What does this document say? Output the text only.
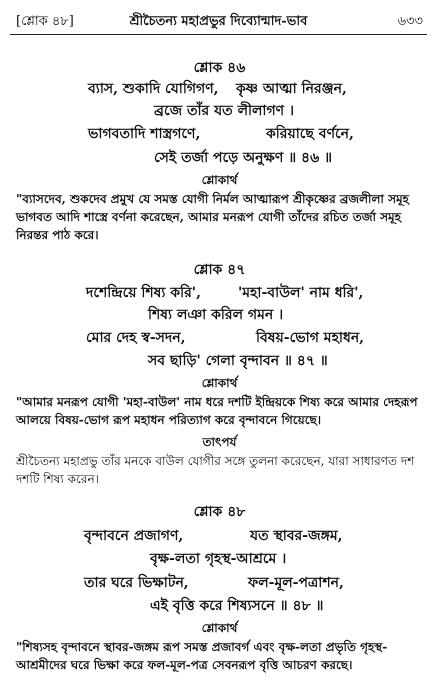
[শ্লোক ৪৮]	শ্রীচৈতন্য মহাপ্রভুর দিব্যোন্মাদ-ভাব	৬৩৩
শ্লোক ৪৬
ব্যাস, শুকাদি যোগিগণ, কৃষ্ণ আত্মা নিরঞ্জন,
ব্রজে তাঁর যত লীলাগণ ।
ভাগবতাদি শাস্ত্রগণে,	করিয়াছে বর্ণনে,
সেই তর্জা পড়ে অনুক্ষণ ॥ ৪৬ ॥
শ্লোকার্থ
"ব্যাসদেব, শুকদেব প্রমুখ যে সমস্ত যোগী নির্মল আত্মারূপ শ্রীকৃষ্ণের ব্রজলীলা সমূহ ভাগবত আদি শাস্ত্রে বর্ণনা করেছেন, আমার মনরূপ যোগী তাঁদের রচিত তর্জা সমূহ নিরন্তর পাঠ করে।
শ্লোক ৪৭
দশেন্দ্রিয়ে শিষ্য করি',	'মহা-বাউল' নাম ধরি',
শিষ্য লঞা করিল গমন ।
মোর দেহ স্ব-সদন,	বিষয়-ভোগ মহাধন,
সব ছাড়ি' গেলা বৃন্দাবন ॥ ৪৭ ॥
শ্লোকার্থ
"আমার মনরূপ যোগী 'মহা-বাউল' নাম ধরে দশটি ইন্দ্রিয়কে শিষ্য করে আমার দেহরূপ আলয়ে বিষয়-ভোগ রূপ মহাধন পরিত্যাগ করে বৃন্দাবনে গিয়েছে।
তাৎপর্য
শ্রীচৈতন্য মহাপ্রভু তাঁর মনকে বাউল যোগীর সঙ্গে তুলনা করেছেন, যারা সাধারণত দশ দশটি শিষ্য করেন।
শ্লোক ৪৮
বৃন্দাবনে প্রজাগণ,	যত স্থাবর-জঙ্গম,
বৃক্ষ-লতা গৃহস্থ-আশ্রমে ।
তার ঘরে ভিক্ষাটন,	ফল-মূল-পত্রাশন,
এই বৃত্তি করে শিষ্যসনে ॥ ৪৮ ॥
শ্লোকার্থ
"শিষ্যসহ বৃন্দাবনে স্থাবর-জঙ্গম রূপ সমস্ত প্রজাবর্গ এবং বৃক্ষ-লতা প্রভৃতি গৃহস্থ-আশ্রমীদের ঘরে ভিক্ষা করে ফল-মূল-পত্র সেবনরূপ বৃত্তি আচরণ করছে।
